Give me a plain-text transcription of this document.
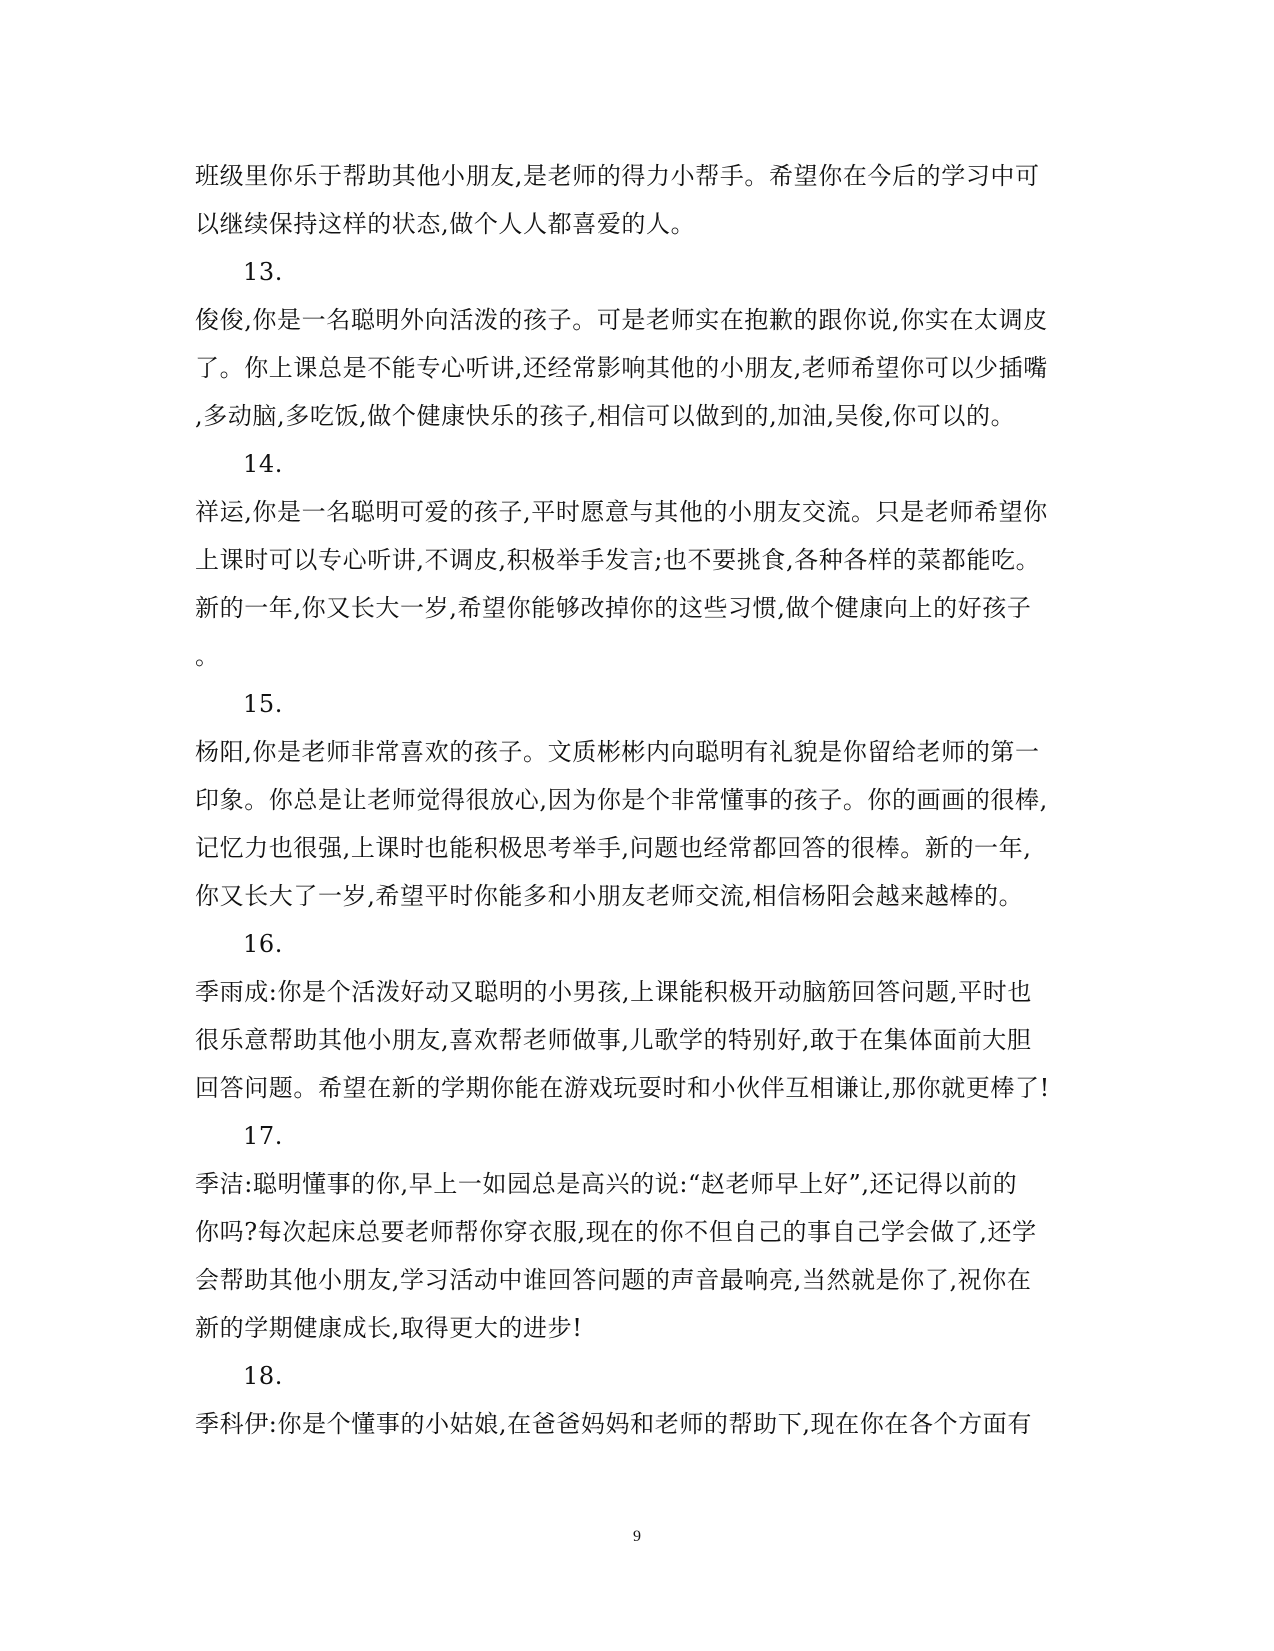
班级里你乐于帮助其他小朋友,是老师的得力小帮手。希望你在今后的学习中可
以继续保持这样的状态,做个人人都喜爱的人。
13.
俊俊,你是一名聪明外向活泼的孩子。可是老师实在抱歉的跟你说,你实在太调皮
了。你上课总是不能专心听讲,还经常影响其他的小朋友,老师希望你可以少插嘴
,多动脑,多吃饭,做个健康快乐的孩子,相信可以做到的,加油,吴俊,你可以的。
14.
祥运,你是一名聪明可爱的孩子,平时愿意与其他的小朋友交流。只是老师希望你
上课时可以专心听讲,不调皮,积极举手发言;也不要挑食,各种各样的菜都能吃。
新的一年,你又长大一岁,希望你能够改掉你的这些习惯,做个健康向上的好孩子
。
15.
杨阳,你是老师非常喜欢的孩子。文质彬彬内向聪明有礼貌是你留给老师的第一
印象。你总是让老师觉得很放心,因为你是个非常懂事的孩子。你的画画的很棒,
记忆力也很强,上课时也能积极思考举手,问题也经常都回答的很棒。新的一年,
你又长大了一岁,希望平时你能多和小朋友老师交流,相信杨阳会越来越棒的。
16.
季雨成:你是个活泼好动又聪明的小男孩,上课能积极开动脑筋回答问题,平时也
很乐意帮助其他小朋友,喜欢帮老师做事,儿歌学的特别好,敢于在集体面前大胆
回答问题。希望在新的学期你能在游戏玩耍时和小伙伴互相谦让,那你就更棒了!
17.
季洁:聪明懂事的你,早上一如园总是高兴的说:“赵老师早上好”,还记得以前的
你吗?每次起床总要老师帮你穿衣服,现在的你不但自己的事自己学会做了,还学
会帮助其他小朋友,学习活动中谁回答问题的声音最响亮,当然就是你了,祝你在
新的学期健康成长,取得更大的进步!
18.
季科伊:你是个懂事的小姑娘,在爸爸妈妈和老师的帮助下,现在你在各个方面有
9
